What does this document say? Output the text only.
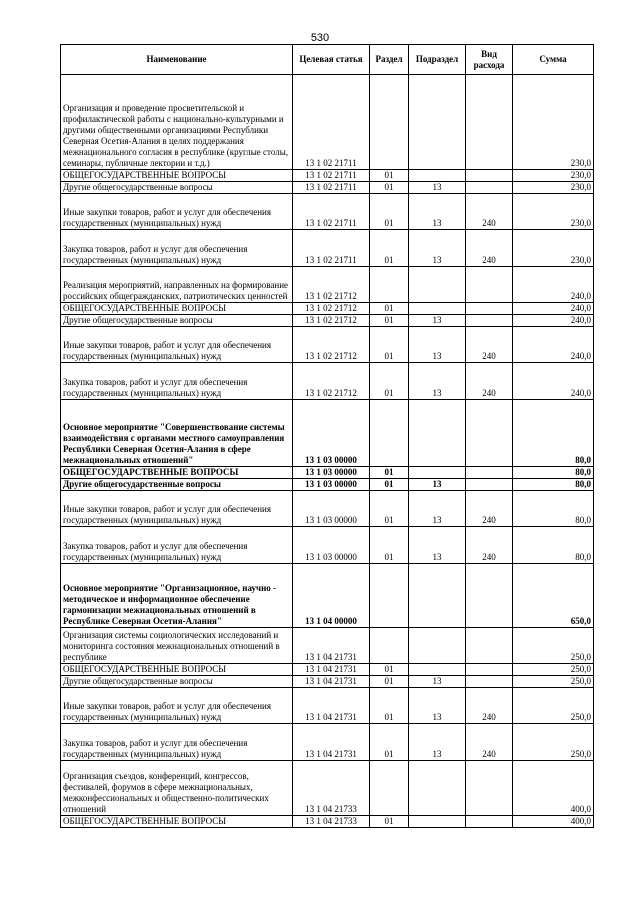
530
Наименование	Целевая статья	Раздел	Подраздел	Вид расхода	Сумма
Организация и проведение просветительской и профилактической работы с национально-культурными и другими общественными организациями Республики Северная Осетия-Алания в целях поддержания межнационального согласия в республике (круглые столы, семинары, публичные лектории и т.д.)	13 1 02 21711				230,0
ОБЩЕГОСУДАРСТВЕННЫЕ ВОПРОСЫ	13 1 02 21711	01			230,0
Другие общегосударственные вопросы	13 1 02 21711	01	13		230,0
Иные закупки товаров, работ и услуг для обеспечения государственных (муниципальных) нужд	13 1 02 21711	01	13	240	230,0
Закупка товаров, работ и услуг для обеспечения государственных (муниципальных) нужд	13 1 02 21711	01	13	240	230,0
Реализация мероприятий, направленных на формирование российских общегражданских, патриотических ценностей	13 1 02 21712				240,0
ОБЩЕГОСУДАРСТВЕННЫЕ ВОПРОСЫ	13 1 02 21712	01			240,0
Другие общегосударственные вопросы	13 1 02 21712	01	13		240,0
Иные закупки товаров, работ и услуг для обеспечения государственных (муниципальных) нужд	13 1 02 21712	01	13	240	240,0
Закупка товаров, работ и услуг для обеспечения государственных (муниципальных) нужд	13 1 02 21712	01	13	240	240,0
Основное мероприятие "Совершенствование системы взаимодействия с органами местного самоуправления Республики Северная Осетия-Алания в сфере межнациональных отношений"	13 1 03 00000				80,0
ОБЩЕГОСУДАРСТВЕННЫЕ ВОПРОСЫ	13 1 03 00000	01			80,0
Другие общегосударственные вопросы	13 1 03 00000	01	13		80,0
Иные закупки товаров, работ и услуг для обеспечения государственных (муниципальных) нужд	13 1 03 00000	01	13	240	80,0
Закупка товаров, работ и услуг для обеспечения государственных (муниципальных) нужд	13 1 03 00000	01	13	240	80,0
Основное мероприятие "Организационное, научно - методическое и информационное обеспечение гармонизации межнациональных отношений в Республике Северная Осетия-Алания"	13 1 04 00000				650,0
Организация системы социологических исследований и мониторинга состояния межнациональных отношений в республике	13 1 04 21731				250,0
ОБЩЕГОСУДАРСТВЕННЫЕ ВОПРОСЫ	13 1 04 21731	01			250,0
Другие общегосударственные вопросы	13 1 04 21731	01	13		250,0
Иные закупки товаров, работ и услуг для обеспечения государственных (муниципальных) нужд	13 1 04 21731	01	13	240	250,0
Закупка товаров, работ и услуг для обеспечения государственных (муниципальных) нужд	13 1 04 21731	01	13	240	250,0
Организация съездов, конференций, конгрессов, фестивалей, форумов в сфере межнациональных, межконфессиональных и общественно-политических отношений	13 1 04 21733				400,0
ОБЩЕГОСУДАРСТВЕННЫЕ ВОПРОСЫ	13 1 04 21733	01			400,0
